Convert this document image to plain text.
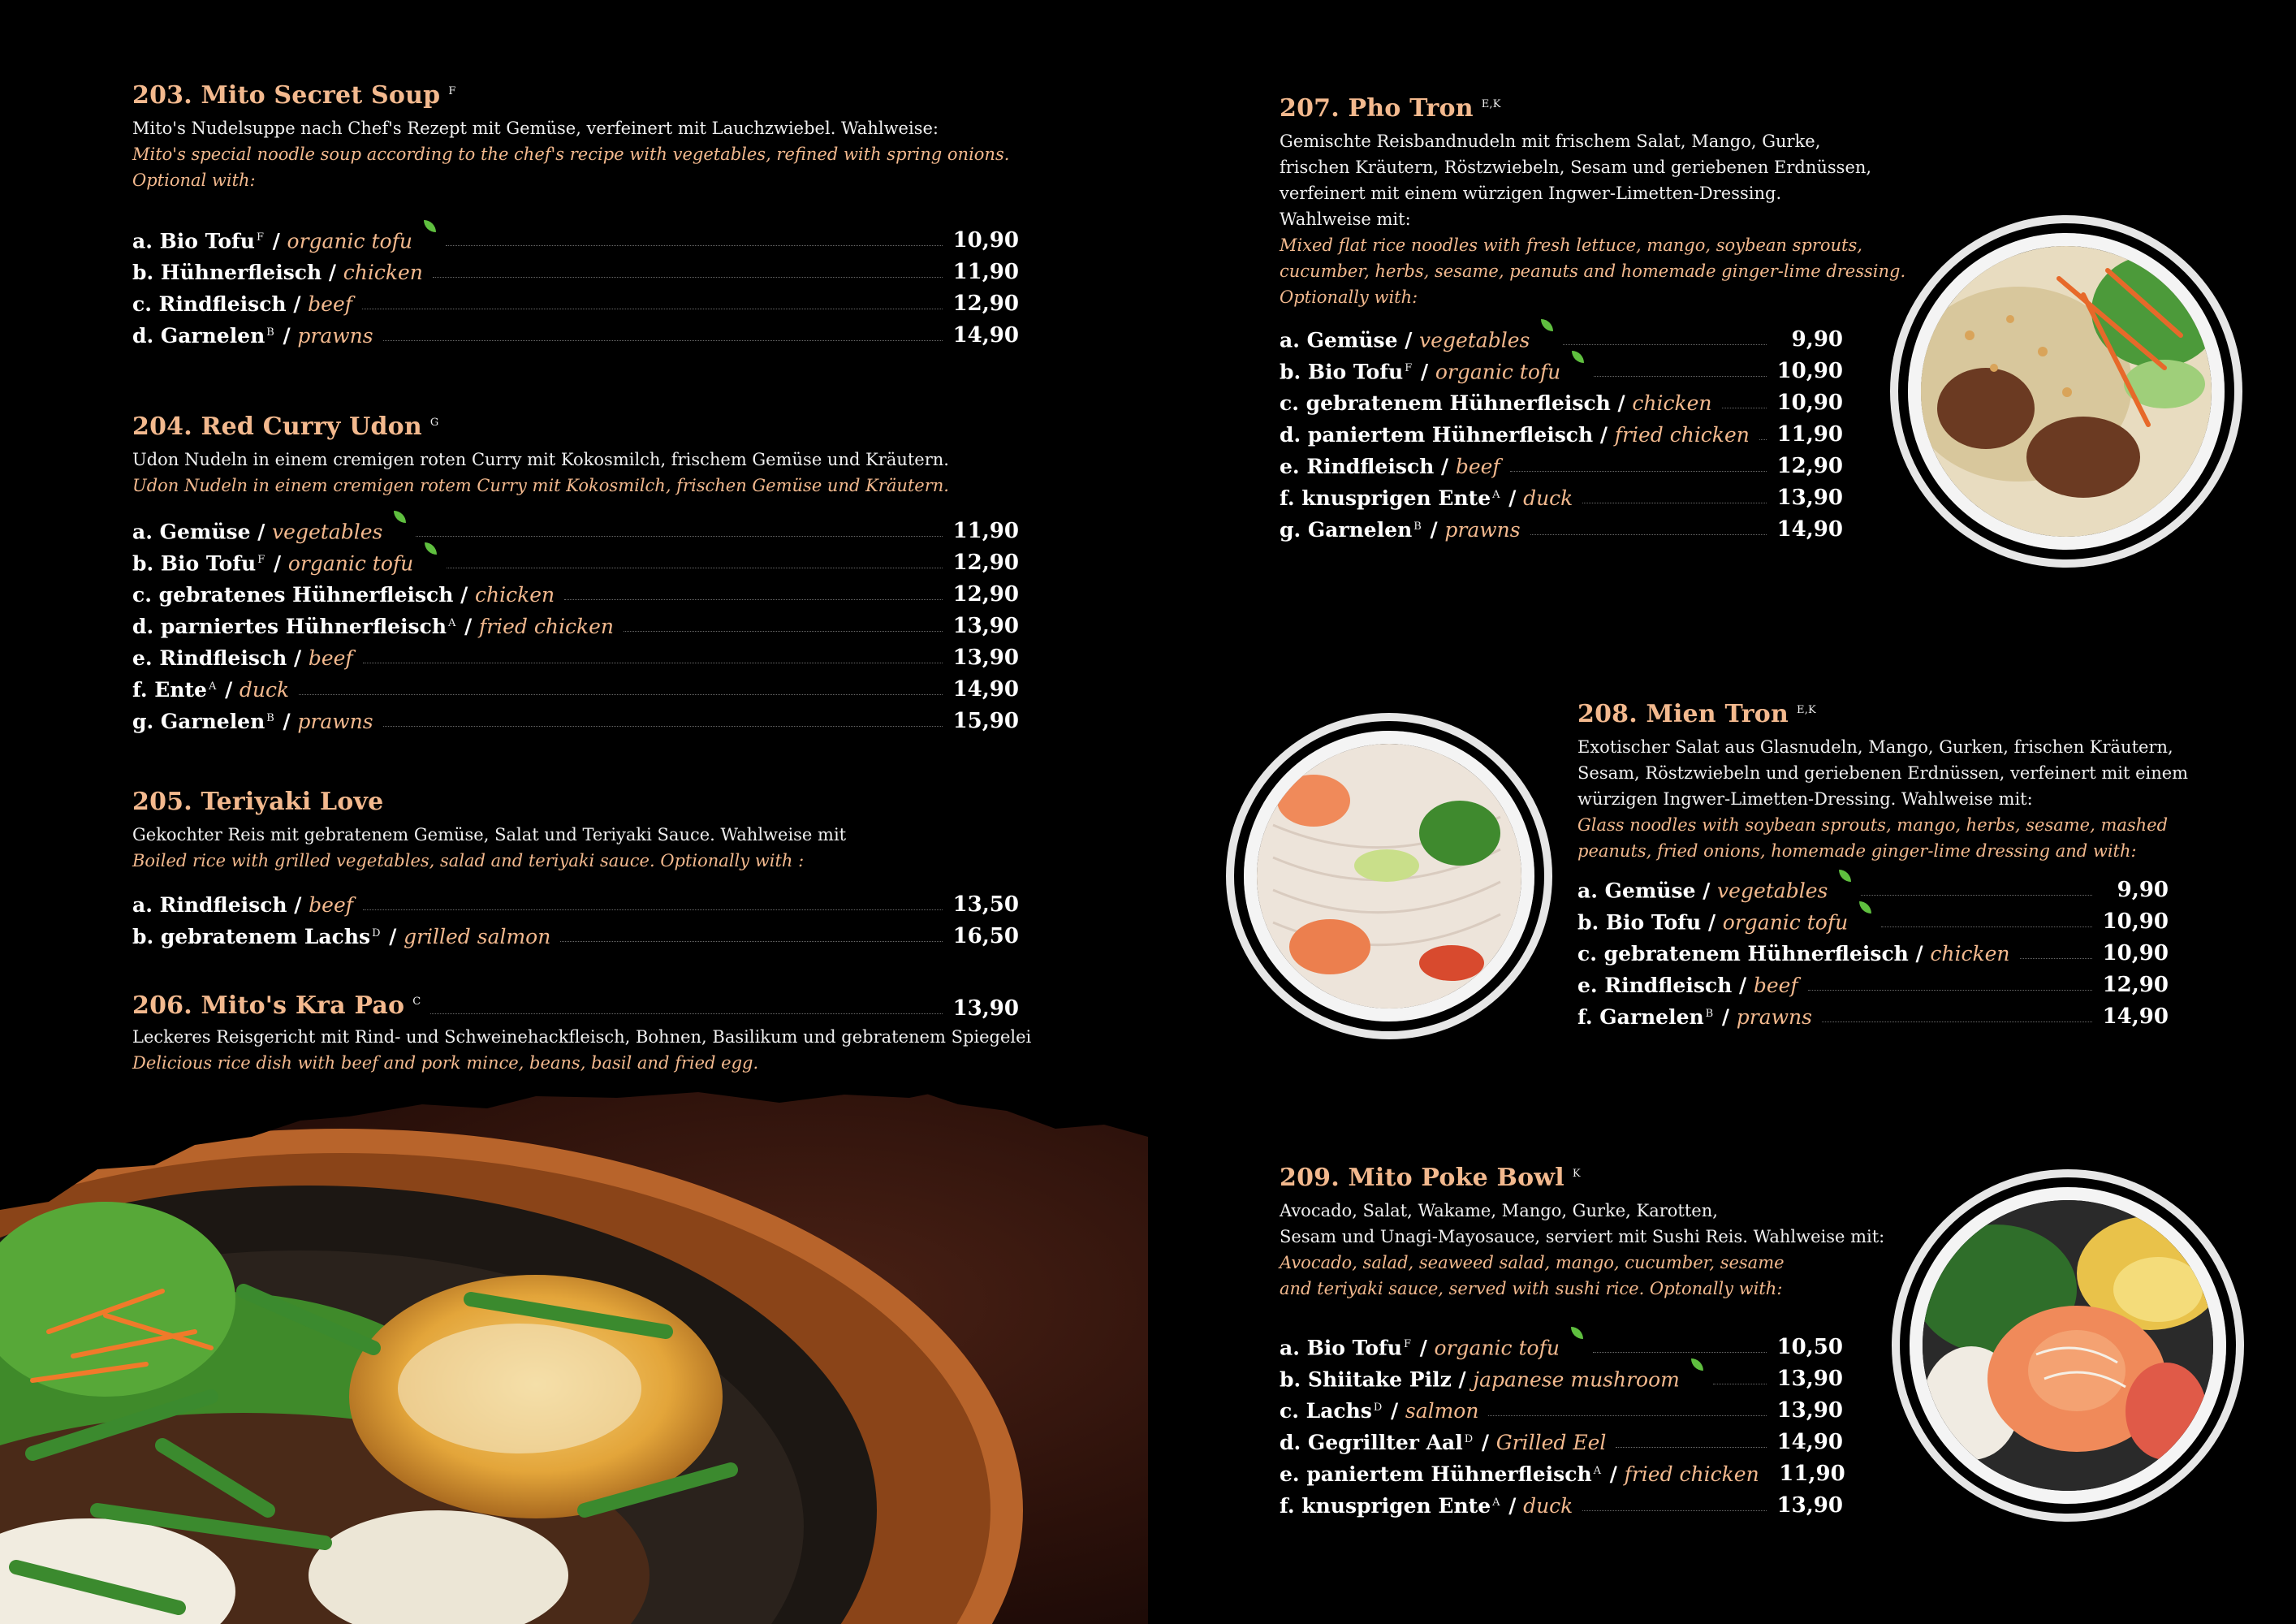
203. Mito Secret Soup $^F$
Mito's Nudelsuppe nach Chef's Rezept mit Gemüse, verfeinert mit Lauchzwiebel. Wahlweise:
Mito's special noodle soup according to the chef's recipe with vegetables, refined with spring onions.
Optional with:
a. Bio Tofu $^F$ / organic tofu	10,90
b. Hühnerfleisch / chicken	11,90
c. Rindfleisch / beef	12,90
d. Garnelen $^B$ / prawns	14,90
204. Red Curry Udon $^G$
Udon Nudeln in einem cremigen roten Curry mit Kokosmilch, frischem Gemüse und Kräutern.
Udon Nudeln in einem cremigen rotem Curry mit Kokosmilch, frischen Gemüse und Kräutern.
a. Gemüse / vegetables	11,90
b. Bio Tofu $^F$ / organic tofu	12,90
c. gebratenes Hühnerfleisch / chicken	12,90
d. parniertes Hühnerfleisch $^A$ / fried chicken	13,90
e. Rindfleisch / beef	13,90
f. Ente $^A$ / duck	14,90
g. Garnelen $^B$ / prawns	15,90
205. Teriyaki Love
Gekochter Reis mit gebratenem Gemüse, Salat und Teriyaki Sauce. Wahlweise mit
Boiled rice with grilled vegetables, salad and teriyaki sauce. Optionally with :
a. Rindfleisch / beef	13,50
b. gebratenem Lachs $^D$ / grilled salmon	16,50
206. Mito's Kra Pao $^C$	13,90
Leckeres Reisgericht mit Rind- und Schweinehackfleisch, Bohnen, Basilikum und gebratenem Spiegelei
Delicious rice dish with beef and pork mince, beans, basil and fried egg.
207. Pho Tron $^{E,K}$
Gemischte Reisbandnudeln mit frischem Salat, Mango, Gurke,
frischen Kräutern, Röstzwiebeln, Sesam und geriebenen Erdnüssen,
verfeinert mit einem würzigen Ingwer-Limetten-Dressing.
Wahlweise mit:
Mixed flat rice noodles with fresh lettuce, mango, soybean sprouts,
cucumber, herbs, sesame, peanuts and homemade ginger-lime dressing.
Optionally with:
a. Gemüse / vegetables	9,90
b. Bio Tofu $^F$ / organic tofu	10,90
c. gebratenem Hühnerfleisch / chicken	10,90
d. paniertem Hühnerfleisch / fried chicken 11,90
e. Rindfleisch / beef	12,90
f. knusprigen Ente $^A$ / duck	13,90
g. Garnelen $^B$ / prawns	14,90
208. Mien Tron $^{E,K}$
Exotischer Salat aus Glasnudeln, Mango, Gurken, frischen Kräutern,
Sesam, Röstzwiebeln und geriebenen Erdnüssen, verfeinert mit einem
würzigen Ingwer-Limetten-Dressing. Wahlweise mit:
Glass noodles with soybean sprouts, mango, herbs, sesame, mashed
peanuts, fried onions, homemade ginger-lime dressing and with:
a. Gemüse / vegetables	9,90
b. Bio Tofu / organic tofu	10,90
c. gebratenem Hühnerfleisch / chicken	10,90
e. Rindfleisch / beef	12,90
f. Garnelen $^B$ / prawns	14,90
209. Mito Poke Bowl $^K$
Avocado, Salat, Wakame, Mango, Gurke, Karotten,
Sesam und Unagi-Mayosauce, serviert mit Sushi Reis. Wahlweise mit:
Avocado, salad, seaweed salad, mango, cucumber, sesame
and teriyaki sauce, served with sushi rice. Optonally with:
a. Bio Tofu $^F$ / organic tofu	10,50
b. Shiitake Pilz / japanese mushroom	13,90
c. Lachs $^D$ / salmon	13,90
d. Gegrillter Aal $^D$ / Grilled Eel	14,90
e. paniertem Hühnerfleisch $^A$ / fried chicken 11,90
f. knusprigen Ente $^A$ / duck	13,90
